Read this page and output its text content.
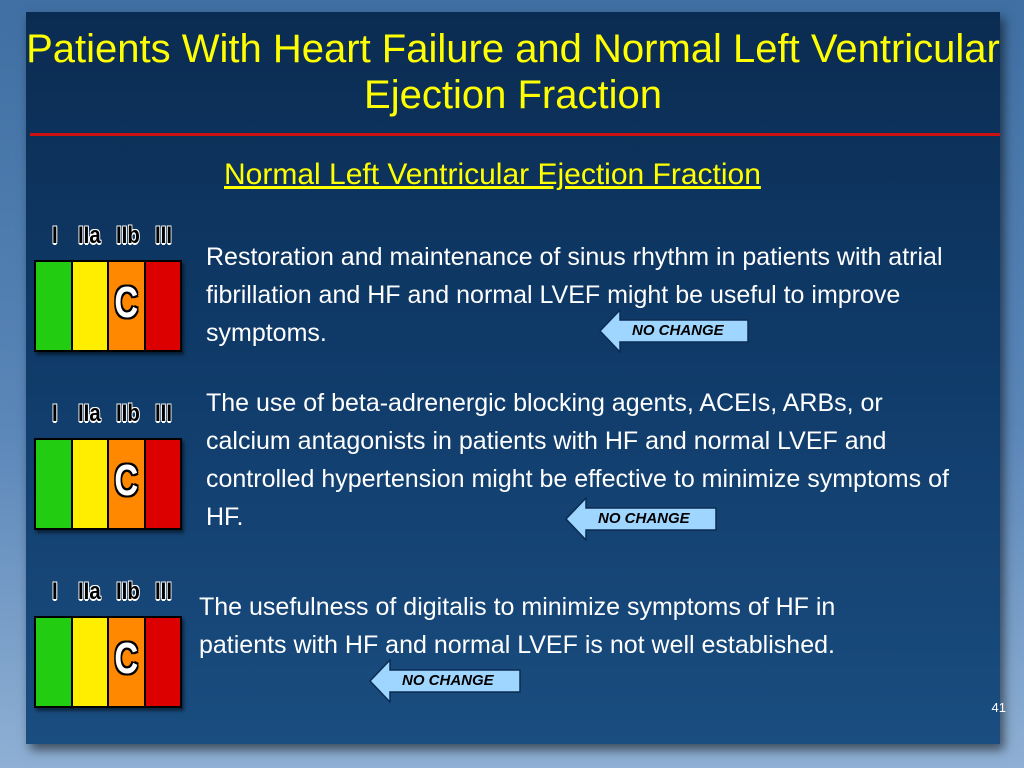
Patients With Heart Failure and Normal Left Ventricular Ejection Fraction
Normal Left Ventricular Ejection Fraction
I IIa IIb III
C
Restoration and maintenance of sinus rhythm in patients with atrial fibrillation and HF and normal LVEF might be useful to improve symptoms.	NO CHANGE
I IIa IIb III
C
The use of beta-adrenergic blocking agents, ACEIs, ARBs, or calcium antagonists in patients with HF and normal LVEF and controlled hypertension might be effective to minimize symptoms of HF.	NO CHANGE
I IIa IIb III
C
The usefulness of digitalis to minimize symptoms of HF in patients with HF and normal LVEF is not well established.
NO CHANGE
41
